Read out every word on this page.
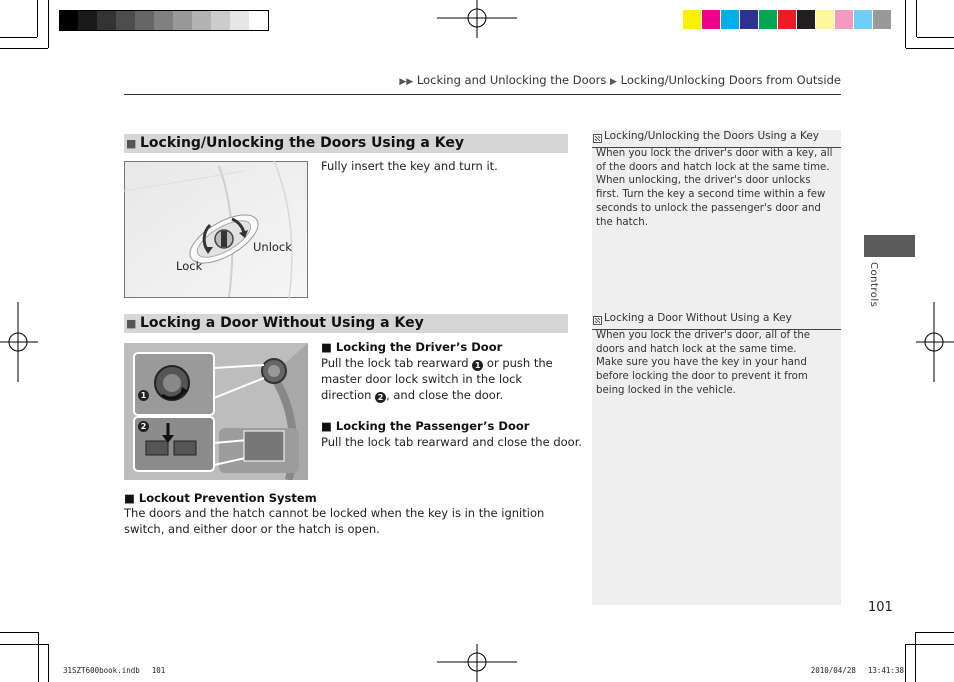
▶▶ Locking and Unlocking the Doors ▶ Locking/Unlocking Doors from Outside
■ Locking/Unlocking the Doors Using a Key
Unlock
Lock
Fully insert the key and turn it.
■ Locking a Door Without Using a Key
1
2
■ Locking the Driver’s Door
Pull the lock tab rearward 1 or push the master door lock switch in the lock direction 2 , and close the door.
■ Locking the Passenger’s Door
Pull the lock tab rearward and close the door.
■ Lockout Prevention System
The doors and the hatch cannot be locked when the key is in the ignition switch, and either door or the hatch is open.
Locking/Unlocking the Doors Using a Key
When you lock the driver's door with a key, all of the doors and hatch lock at the same time. When unlocking, the driver's door unlocks first. Turn the key a second time within a few seconds to unlock the passenger's door and the hatch.
Locking a Door Without Using a Key
When you lock the driver's door, all of the doors and hatch lock at the same time.
Make sure you have the key in your hand before locking the door to prevent it from being locked in the vehicle.
Controls
101
31SZT600book.indb　 101	2010/04/28　 13:41:38
